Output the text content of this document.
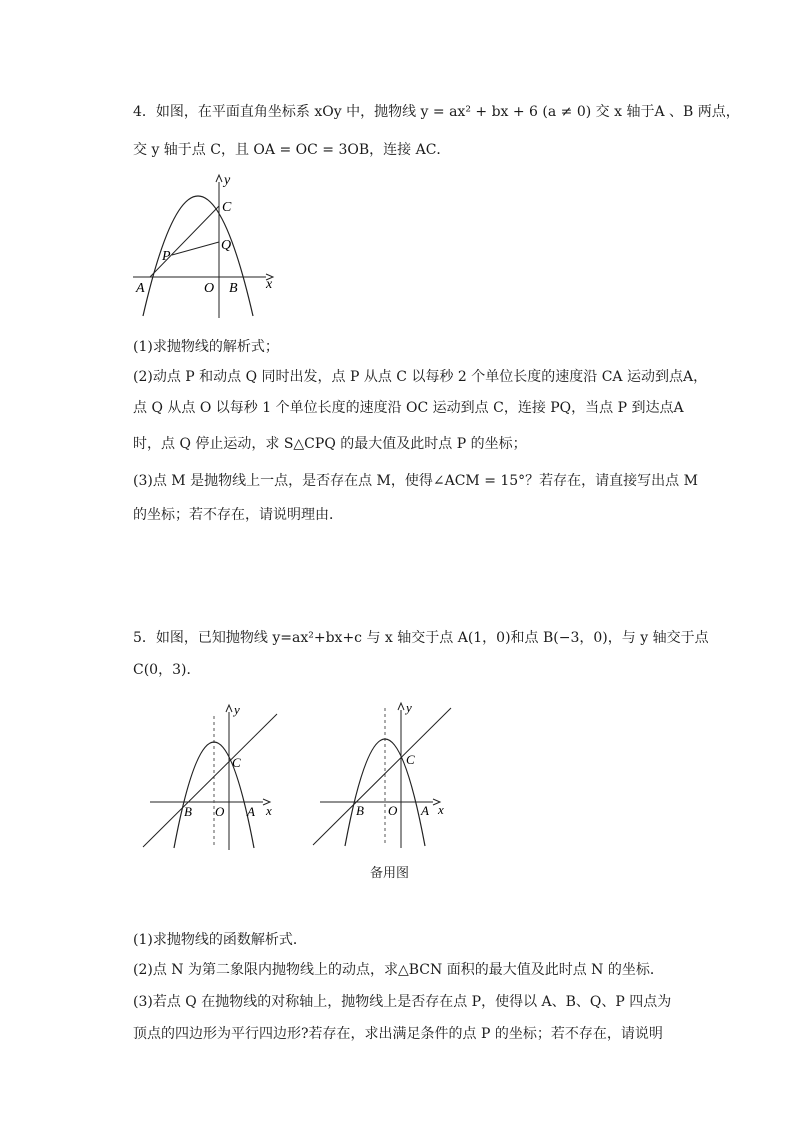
4．如图，在平面直角坐标系 xOy 中，抛物线 y = ax² + bx + 6 (a ≠ 0) 交 x 轴于A 、B 两点，
交 y 轴于点 C，且 OA = OC = 3OB，连接 AC．
y
C
Q
P
A	O B x
(1)求抛物线的解析式；
(2)动点 P 和动点 Q 同时出发，点 P 从点 C 以每秒 2 个单位长度的速度沿 CA 运动到点A，
点 Q 从点 O 以每秒 1 个单位长度的速度沿 OC 运动到点 C，连接 PQ，当点 P 到达点A
时，点 Q 停止运动，求 S△CPQ 的最大值及此时点 P 的坐标；
(3)点 M 是抛物线上一点，是否存在点 M，使得∠ACM = 15°？若存在，请直接写出点 M
的坐标；若不存在，请说明理由．
5．如图，已知抛物线 y=ax²+bx+c 与 x 轴交于点 A(1，0)和点 B(−3，0)，与 y 轴交于点
C(0，3)．
y
C
B O A x
y
C
B O A x
备用图
(1)求抛物线的函数解析式．
(2)点 N 为第二象限内抛物线上的动点，求△BCN 面积的最大值及此时点 N 的坐标．
(3)若点 Q 在抛物线的对称轴上，抛物线上是否存在点 P，使得以 A、B、Q、P 四点为
顶点的四边形为平行四边形?若存在，求出满足条件的点 P 的坐标；若不存在，请说明
